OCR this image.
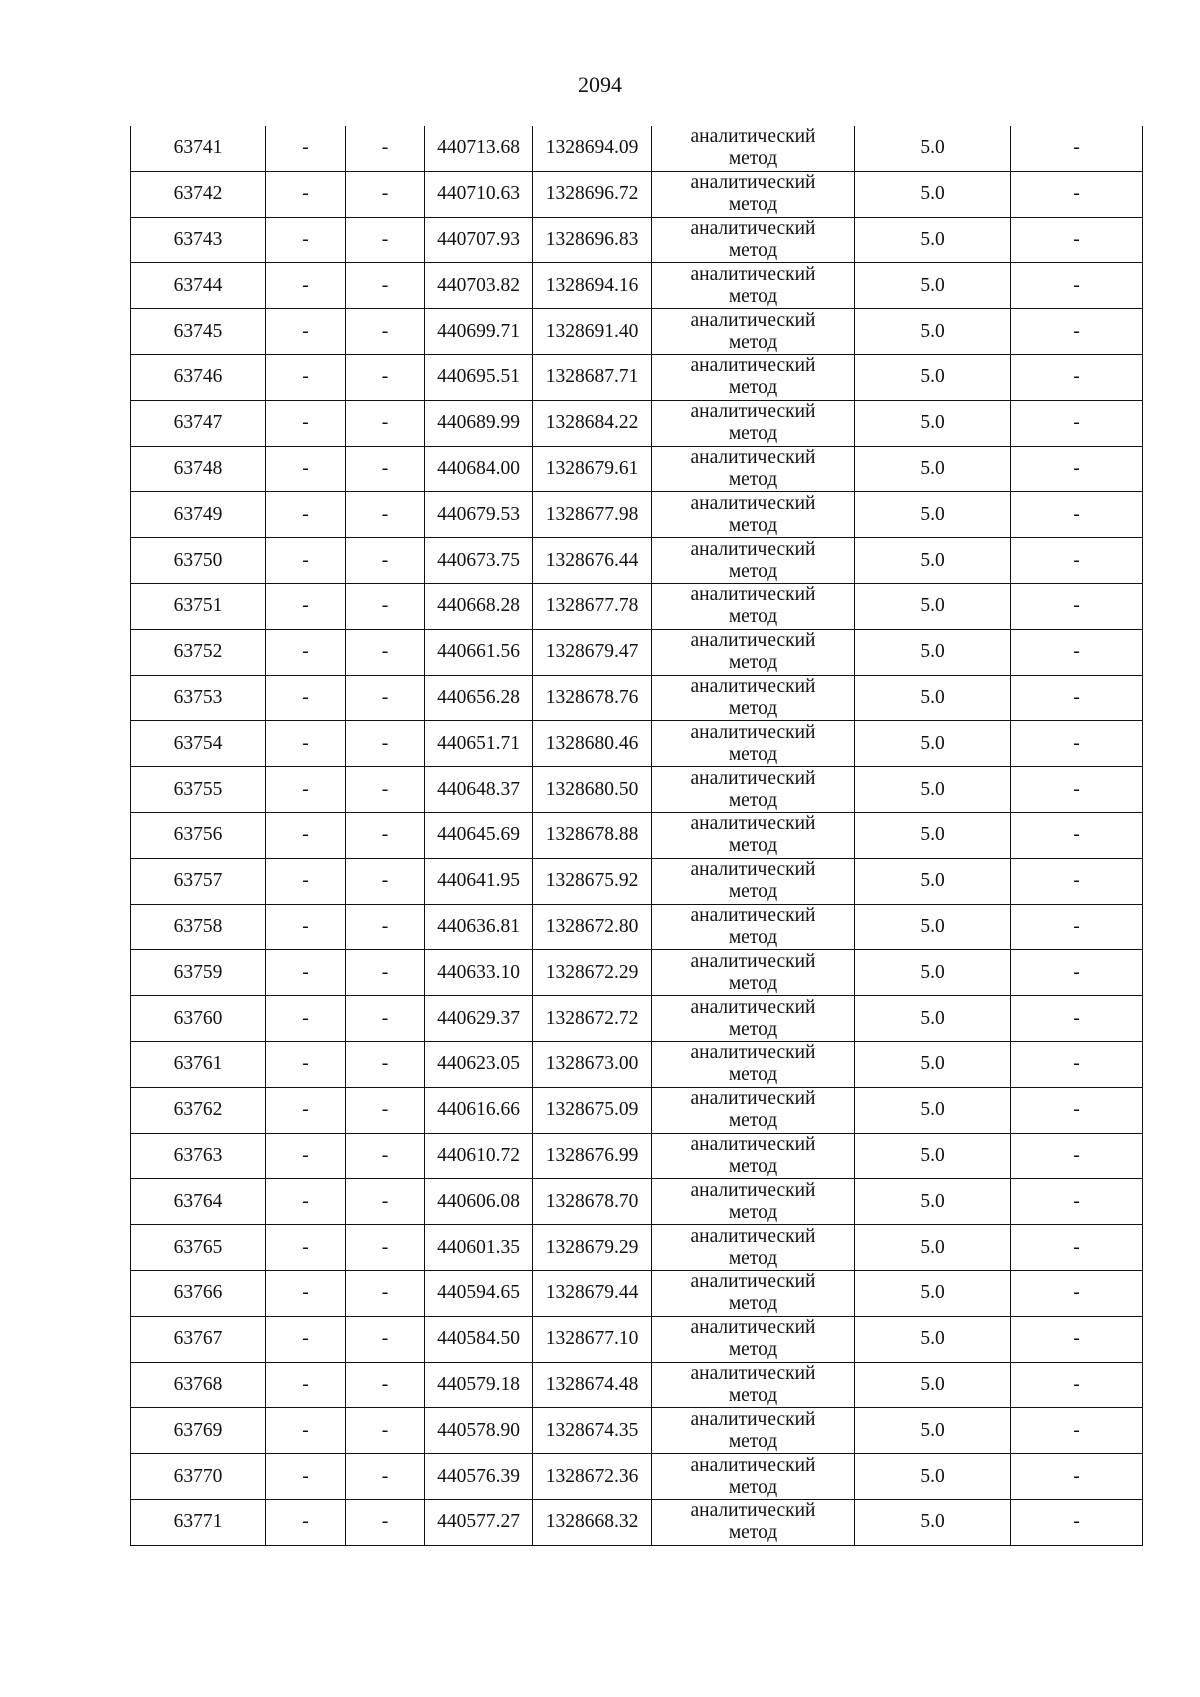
2094
63741	-	-	440713.68	1328694.09	аналитический
метод	5.0	-
63742	-	-	440710.63	1328696.72	аналитический
метод	5.0	-
63743	-	-	440707.93	1328696.83	аналитический
метод	5.0	-
63744	-	-	440703.82	1328694.16	аналитический
метод	5.0	-
63745	-	-	440699.71	1328691.40	аналитический
метод	5.0	-
63746	-	-	440695.51	1328687.71	аналитический
метод	5.0	-
63747	-	-	440689.99	1328684.22	аналитический
метод	5.0	-
63748	-	-	440684.00	1328679.61	аналитический
метод	5.0	-
63749	-	-	440679.53	1328677.98	аналитический
метод	5.0	-
63750	-	-	440673.75	1328676.44	аналитический
метод	5.0	-
63751	-	-	440668.28	1328677.78	аналитический
метод	5.0	-
63752	-	-	440661.56	1328679.47	аналитический
метод	5.0	-
63753	-	-	440656.28	1328678.76	аналитический
метод	5.0	-
63754	-	-	440651.71	1328680.46	аналитический
метод	5.0	-
63755	-	-	440648.37	1328680.50	аналитический
метод	5.0	-
63756	-	-	440645.69	1328678.88	аналитический
метод	5.0	-
63757	-	-	440641.95	1328675.92	аналитический
метод	5.0	-
63758	-	-	440636.81	1328672.80	аналитический
метод	5.0	-
63759	-	-	440633.10	1328672.29	аналитический
метод	5.0	-
63760	-	-	440629.37	1328672.72	аналитический
метод	5.0	-
63761	-	-	440623.05	1328673.00	аналитический
метод	5.0	-
63762	-	-	440616.66	1328675.09	аналитический
метод	5.0	-
63763	-	-	440610.72	1328676.99	аналитический
метод	5.0	-
63764	-	-	440606.08	1328678.70	аналитический
метод	5.0	-
63765	-	-	440601.35	1328679.29	аналитический
метод	5.0	-
63766	-	-	440594.65	1328679.44	аналитический
метод	5.0	-
63767	-	-	440584.50	1328677.10	аналитический
метод	5.0	-
63768	-	-	440579.18	1328674.48	аналитический
метод	5.0	-
63769	-	-	440578.90	1328674.35	аналитический
метод	5.0	-
63770	-	-	440576.39	1328672.36	аналитический
метод	5.0	-
63771	-	-	440577.27	1328668.32	аналитический
метод	5.0	-
